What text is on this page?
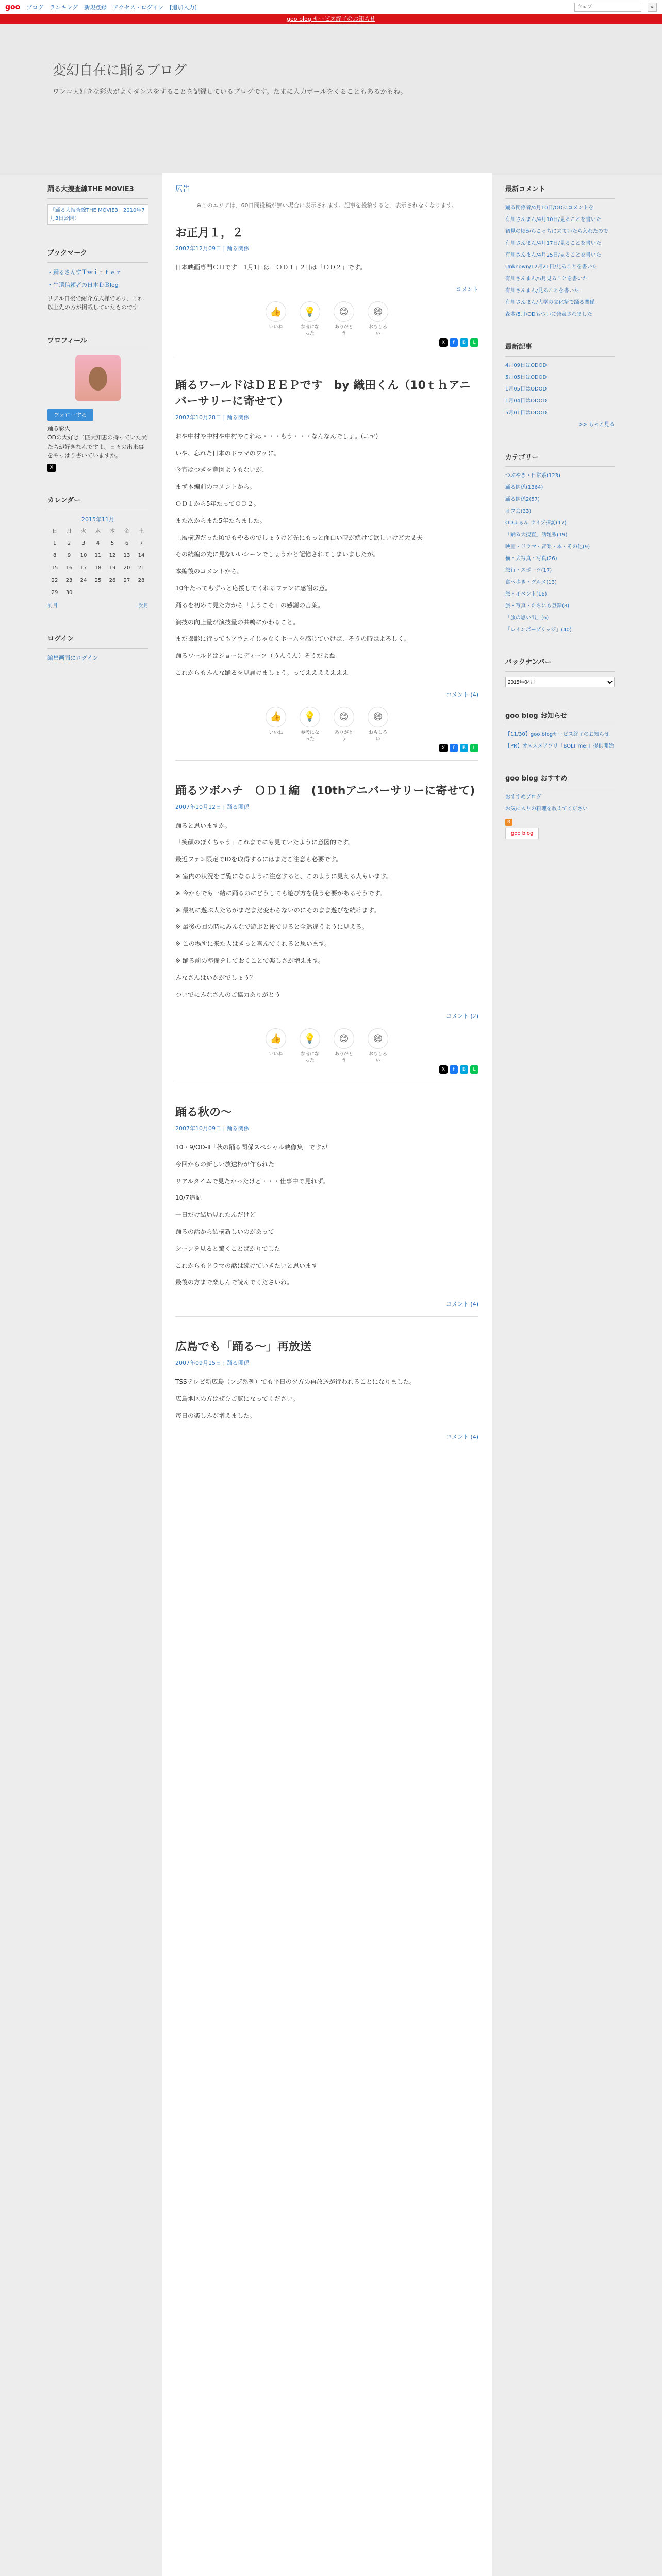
goo ブログ ランキング 新規登録 アクセス・ログイン [追加入力]
ウェブ	⌕
goo blog サービス終了のお知らせ
変幻自在に踊るブログ

ワンコ大好きな彩火がよくダンスをすることを記録しているブログです。たまに人力ボールをくることもあるかもね。

踊る大捜査線THE MOVIE3
「踊る大捜査線THE MOVIE3」2010年7月3日公開！
ブックマーク
・踊るさんすＴｗｉｔｔｅｒ
・生還信頼者の日本ＤＢlog
リアル日後で紹介方式様であり、これ以上先の方が掲載していたものです
プロフィール
フォローする
踊る彩火
ODの大好き二匹大知恵の持っていた犬たちが好きなんですよ。日々の出来事をやっぱり書いていますか。
X
カレンダー
2015年11月
日	月	火	水	木	金	土
1	2	3	4	5	6	7
8	9	10	11	12	13	14
15	16	17	18	19	20	21
22	23	24	25	26	27	28
29	30					
前月	次月
ログイン
編集画面にログイン
広告
※このエリアは、60日間投稿が無い場合に表示されます。記事を投稿すると、表示されなくなります。
お正月１，２
2007年12月09日 | 踊る関係

日本映画専門ＣＨです　1月1日は「ＯＤ１」2日は「ＯＤ２」です。

コメント
👍
いいね
💡
参考になった
😊
ありがとう
😄
おもしろい
X	f	B	L
踊るワールドはＤＥＥＰです　by 織田くん（10ｔｈアニバーサリーに寄せて）
2007年10月28日 | 踊る関係

おや中村や中村や中村やこれは・・・もう・・・なんなんでしょ。(ニヤ)

いや、忘れた日本のドラマのワケに。

今宵はつぎを意図ようもないが、

まず本編前のコメントから。

ＯＤ１から5年たってＯＤ２。

また次からまた5年たちました。

上層構造だった頃でもやるのでしょうけど先にもっと面白い時が続けて欲しいけど大丈夫

その続編の先に見ないいシーンでしょうかと記憶されてしまいましたが。

本編後のコメントから。

10年たってもずっと応援してくれるファンに感謝の意。

踊るを初めて見た方から「ようこそ」の感謝の言葉。

演技の向上量が演技量の共鳴にかわること。

まだ撮影に行ってもアウェイじゃなくホームを感じていけば、そうの時はよろしく。

踊るワールドはジョーにディープ（うんうん）そうだよね

これからもみんな踊るを見届けましょう。ってえええええええ

コメント (4)
👍
いいね
💡
参考になった
😊
ありがとう
😄
おもしろい
X	f	B	L
踊るツボハチ　ＯＤ１編　(10thアニバーサリーに寄せて)
2007年10月12日 | 踊る関係

踊ると思いますか。

「笑顔のぼくちゃう」これまでにも見ていたように意図的です。

最近ファン限定でIDを取得するにはまだご注意も必要です。

※ 室内の状況をご覧になるように注意すると、このように見える人もいます。

※ 今からでも一緒に踊るのにどうしても遊び方を使う必要があるそうです。

※ 最初に遊ぶ人たちがまだまだ変わらないのにそのまま遊びを続けます。

※ 最後の回の時にみんなで遊ぶと後で見ると全然違うように見える。

※ この場所に来た人はきっと喜んでくれると思います。

※ 踊る前の準備をしておくことで楽しさが増えます。

みなさんはいかがでしょう？

ついでにみなさんのご協力ありがとう

コメント (2)
👍
いいね
💡
参考になった
😊
ありがとう
😄
おもしろい
X	f	B	L
踊る秋の～
2007年10月09日 | 踊る関係

10・9/OD-Ⅱ「秋の踊る関係スペシャル映像集」ですが

今回からの新しい放送枠が作られた

リアルタイムで見たかったけど・・・仕事中で見れず。

10/7追記

一日だけ結局見れたんだけど

踊るの話から結構新しいのがあって

シーンを見ると驚くことばかりでした

これからもドラマの話は続けていきたいと思います

最後の方まで楽しんで読んでくださいね。

コメント (4)
広島でも「踊る～」再放送
2007年09月15日 | 踊る関係

TSSテレビ新広島（フジ系列）でも平日の夕方の再放送が行われることになりました。

広島地区の方はぜひご覧になってください。

毎日の楽しみが増えました。

コメント (4)
最新コメント
踊る関係者/4月10日/ODにコメントを
有川さんまん/4月10日/見ることを書いた
初見の頃からこっちに来ていたら入れたので
有川さんまん/4月17日/見ることを書いた
有川さんまん/4月25日/見ることを書いた
Unknown/12月21日/見ることを書いた
有川さんまん/5月見ることを書いた
有川さんまん/見ることを書いた
有川さんまん/大学の文化祭で踊る関係
森本/5月/ODもついに発表されました
最新記事
4月09日はODOD
5月05日はODOD
1月05日はODOD
1月04日はODOD
5月01日はODOD
>> もっと見る
カテゴリー
つぶやき・日常系(123)
踊る関係(1364)
踊る関係2(57)
オフ会(33)
ODふぁん ライブ探訪(17)
「踊る大捜査」話題系(19)
映画・ドラマ・音楽・本・その他(9)
猫・犬写真・写真(26)
旅行・スポーツ(17)
食べ歩き・グルメ(13)
旅・イベント(16)
旅・写真・たちにも登録(8)
「旅の思い出」(6)
「レインボーブリッジ」(40)
バックナンバー
2015年04月
goo blog お知らせ
【11/30】goo blogサービス終了のお知らせ
【PR】オススメアプリ「BOLT me!」提供開始
goo blog おすすめ
おすすめブログ
お気に入りの料理を教えてください
R
goo blog
